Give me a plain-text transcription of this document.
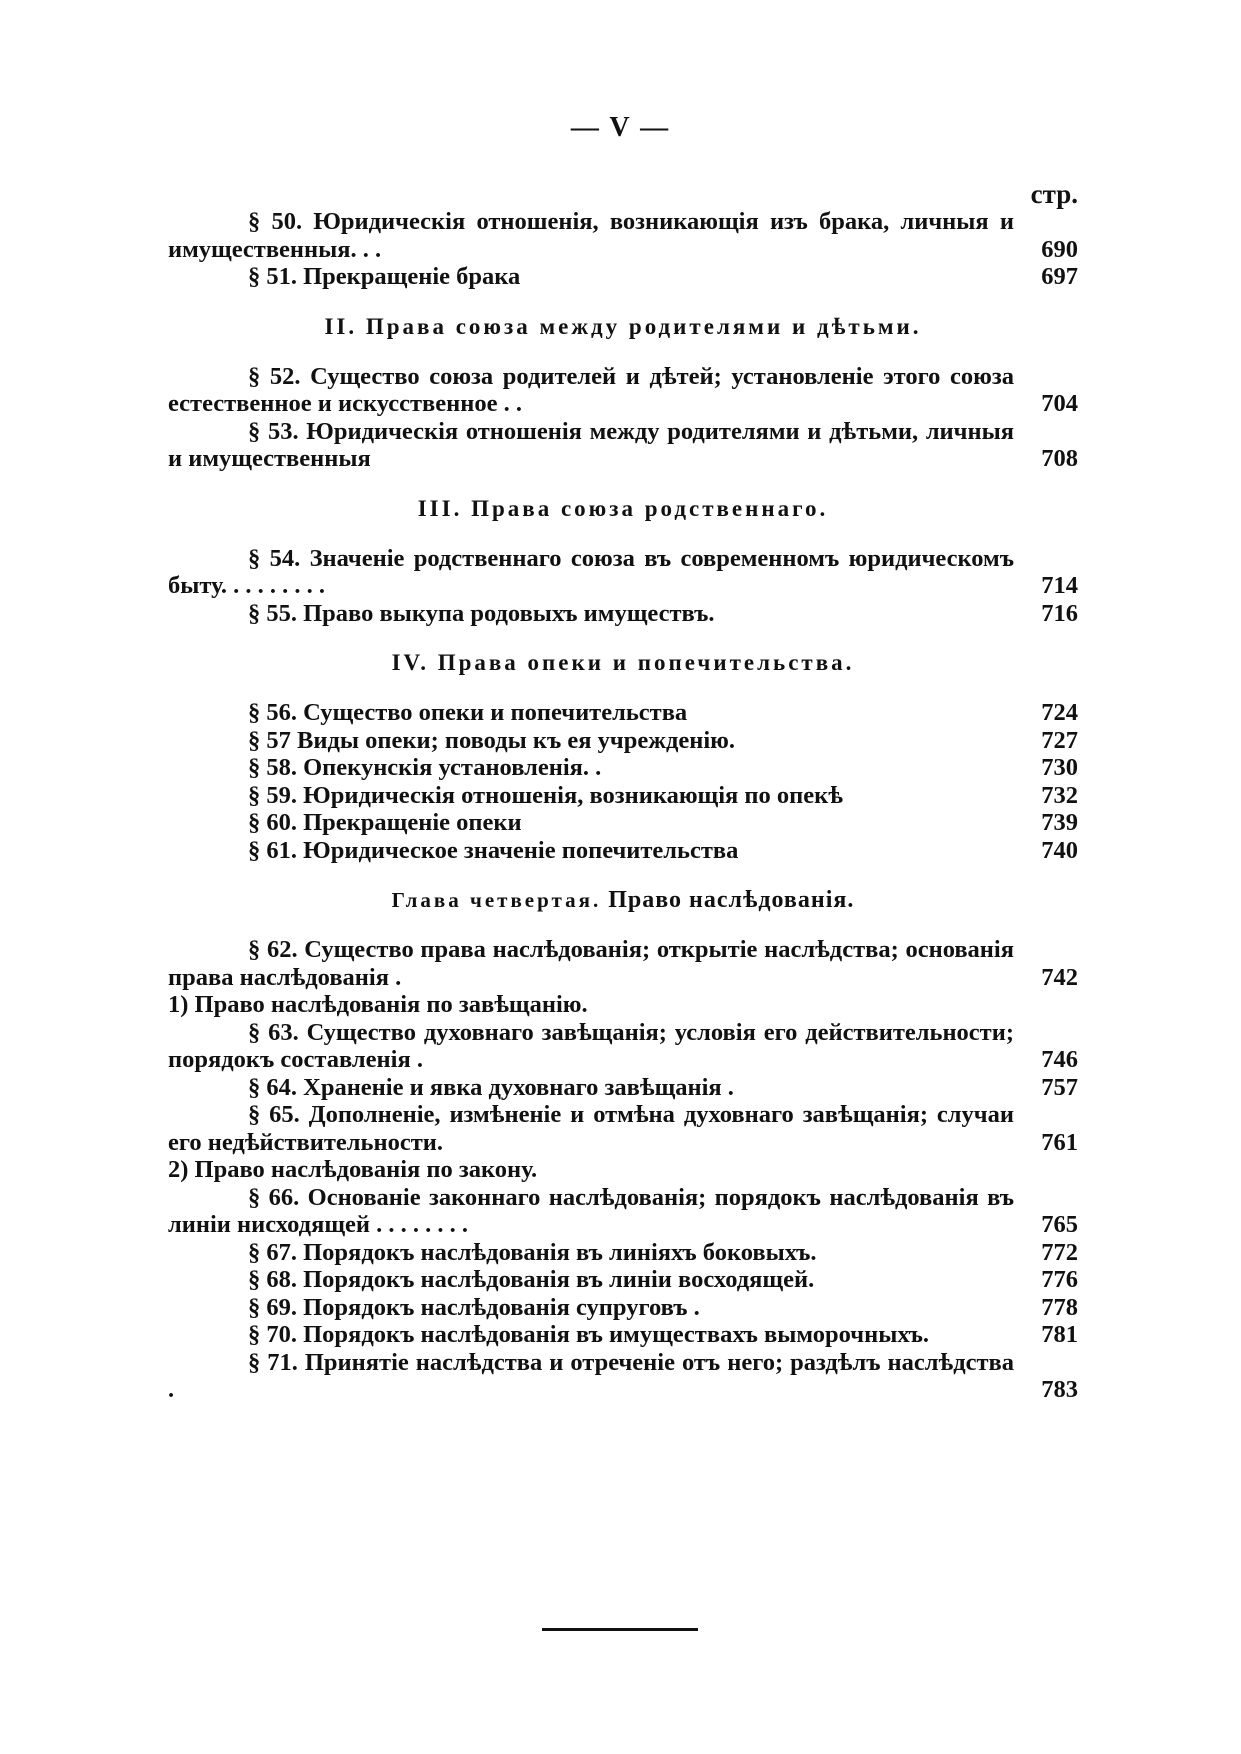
— V —
стр.
§ 50. Юридическія отношенія, возникающія изъ брака, личныя и имущественныя. . .	690
§ 51. Прекращеніе брака	697
II. Права союза между родителями и дѣтьми.
§ 52. Существо союза родителей и дѣтей; установленіе этого союза естественное и искусственное . .	704
§ 53. Юридическія отношенія между родителями и дѣтьми, личныя и имущественныя	708
III. Права союза родственнаго.
§ 54. Значеніе родственнаго союза въ современномъ юридическомъ быту. . . . . . . . .	714
§ 55. Право выкупа родовыхъ имуществъ.	716
IV. Права опеки и попечительства.
§ 56. Существо опеки и попечительства	724
§ 57 Виды опеки; поводы къ ея учрежденію.	727
§ 58. Опекунскія установленія. .	730
§ 59. Юридическія отношенія, возникающія по опекѣ	732
§ 60. Прекращеніе опеки	739
§ 61. Юридическое значеніе попечительства	740
Глава четвертая. Право наслѣдованія.
§ 62. Существо права наслѣдованія; открытіе наслѣдства; основанія права наслѣдованія .	742
1) Право наслѣдованія по завѣщанію.
§ 63. Существо духовнаго завѣщанія; условія его действительности; порядокъ составленія .	746
§ 64. Храненіе и явка духовнаго завѣщанія .	757
§ 65. Дополненіе, измѣненіе и отмѣна духовнаго завѣщанія; случаи его недѣйствительности.	761
2) Право наслѣдованія по закону.
§ 66. Основаніе законнаго наслѣдованія; порядокъ наслѣдованія въ линіи нисходящей . . . . . . . .	765
§ 67. Порядокъ наслѣдованія въ линіяхъ боковыхъ.	772
§ 68. Порядокъ наслѣдованія въ линіи восходящей.	776
§ 69. Порядокъ наслѣдованія супруговъ .	778
§ 70. Порядокъ наслѣдованія въ имуществахъ выморочныхъ.	781
§ 71. Принятіе наслѣдства и отреченіе отъ него; раздѣлъ наслѣдства .	783
